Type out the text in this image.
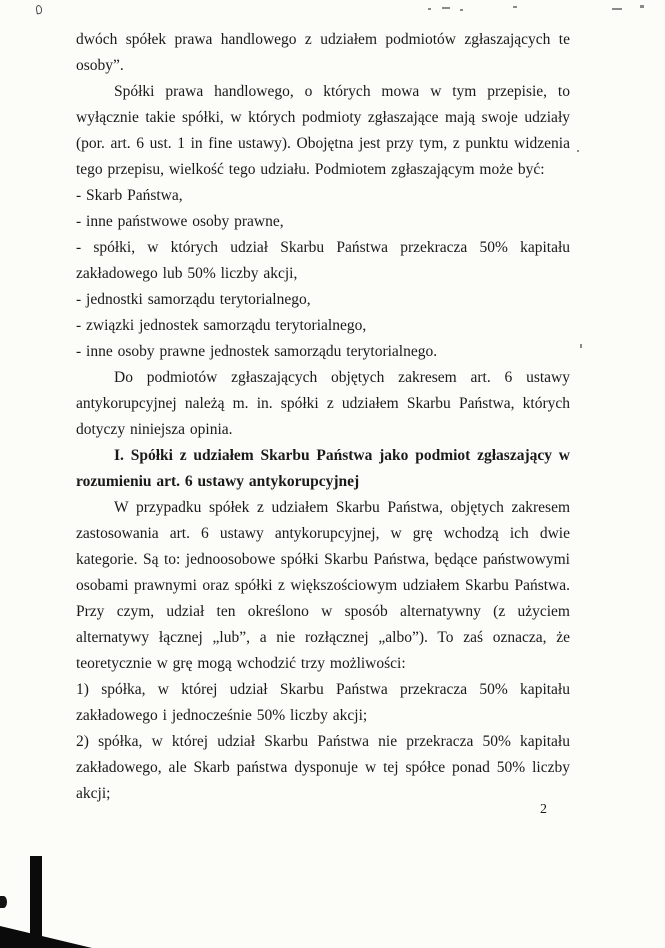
dwóch spółek prawa handlowego z udziałem podmiotów zgłaszających te osoby”.

Spółki prawa handlowego, o których mowa w tym przepisie, to wyłącznie takie spółki, w których podmioty zgłaszające mają swoje udziały (por. art. 6 ust. 1 in fine ustawy). Obojętna jest przy tym, z punktu widzenia tego przepisu, wielkość tego udziału. Podmiotem zgłaszającym może być:

- Skarb Państwa,

- inne państwowe osoby prawne,

- spółki, w których udział Skarbu Państwa przekracza 50% kapitału zakładowego lub 50% liczby akcji,

- jednostki samorządu terytorialnego,

- związki jednostek samorządu terytorialnego,

- inne osoby prawne jednostek samorządu terytorialnego.

Do podmiotów zgłaszających objętych zakresem art. 6 ustawy antykorupcyjnej należą m. in. spółki z udziałem Skarbu Państwa, których dotyczy niniejsza opinia.

I. Spółki z udziałem Skarbu Państwa jako podmiot zgłaszający w rozumieniu art. 6 ustawy antykorupcyjnej

W przypadku spółek z udziałem Skarbu Państwa, objętych zakresem zastosowania art. 6 ustawy antykorupcyjnej, w grę wchodzą ich dwie kategorie. Są to: jednoosobowe spółki Skarbu Państwa, będące państwowymi osobami prawnymi oraz spółki z większościowym udziałem Skarbu Państwa. Przy czym, udział ten określono w sposób alternatywny (z użyciem alternatywy łącznej „lub”, a nie rozłącznej „albo”). To zaś oznacza, że teoretycznie w grę mogą wchodzić trzy możliwości:

1) spółka, w której udział Skarbu Państwa przekracza 50% kapitału zakładowego i jednocześnie 50% liczby akcji;

2) spółka, w której udział Skarbu Państwa nie przekracza 50% kapitału zakładowego, ale Skarb państwa dysponuje w tej spółce ponad 50% liczby akcji;

2
